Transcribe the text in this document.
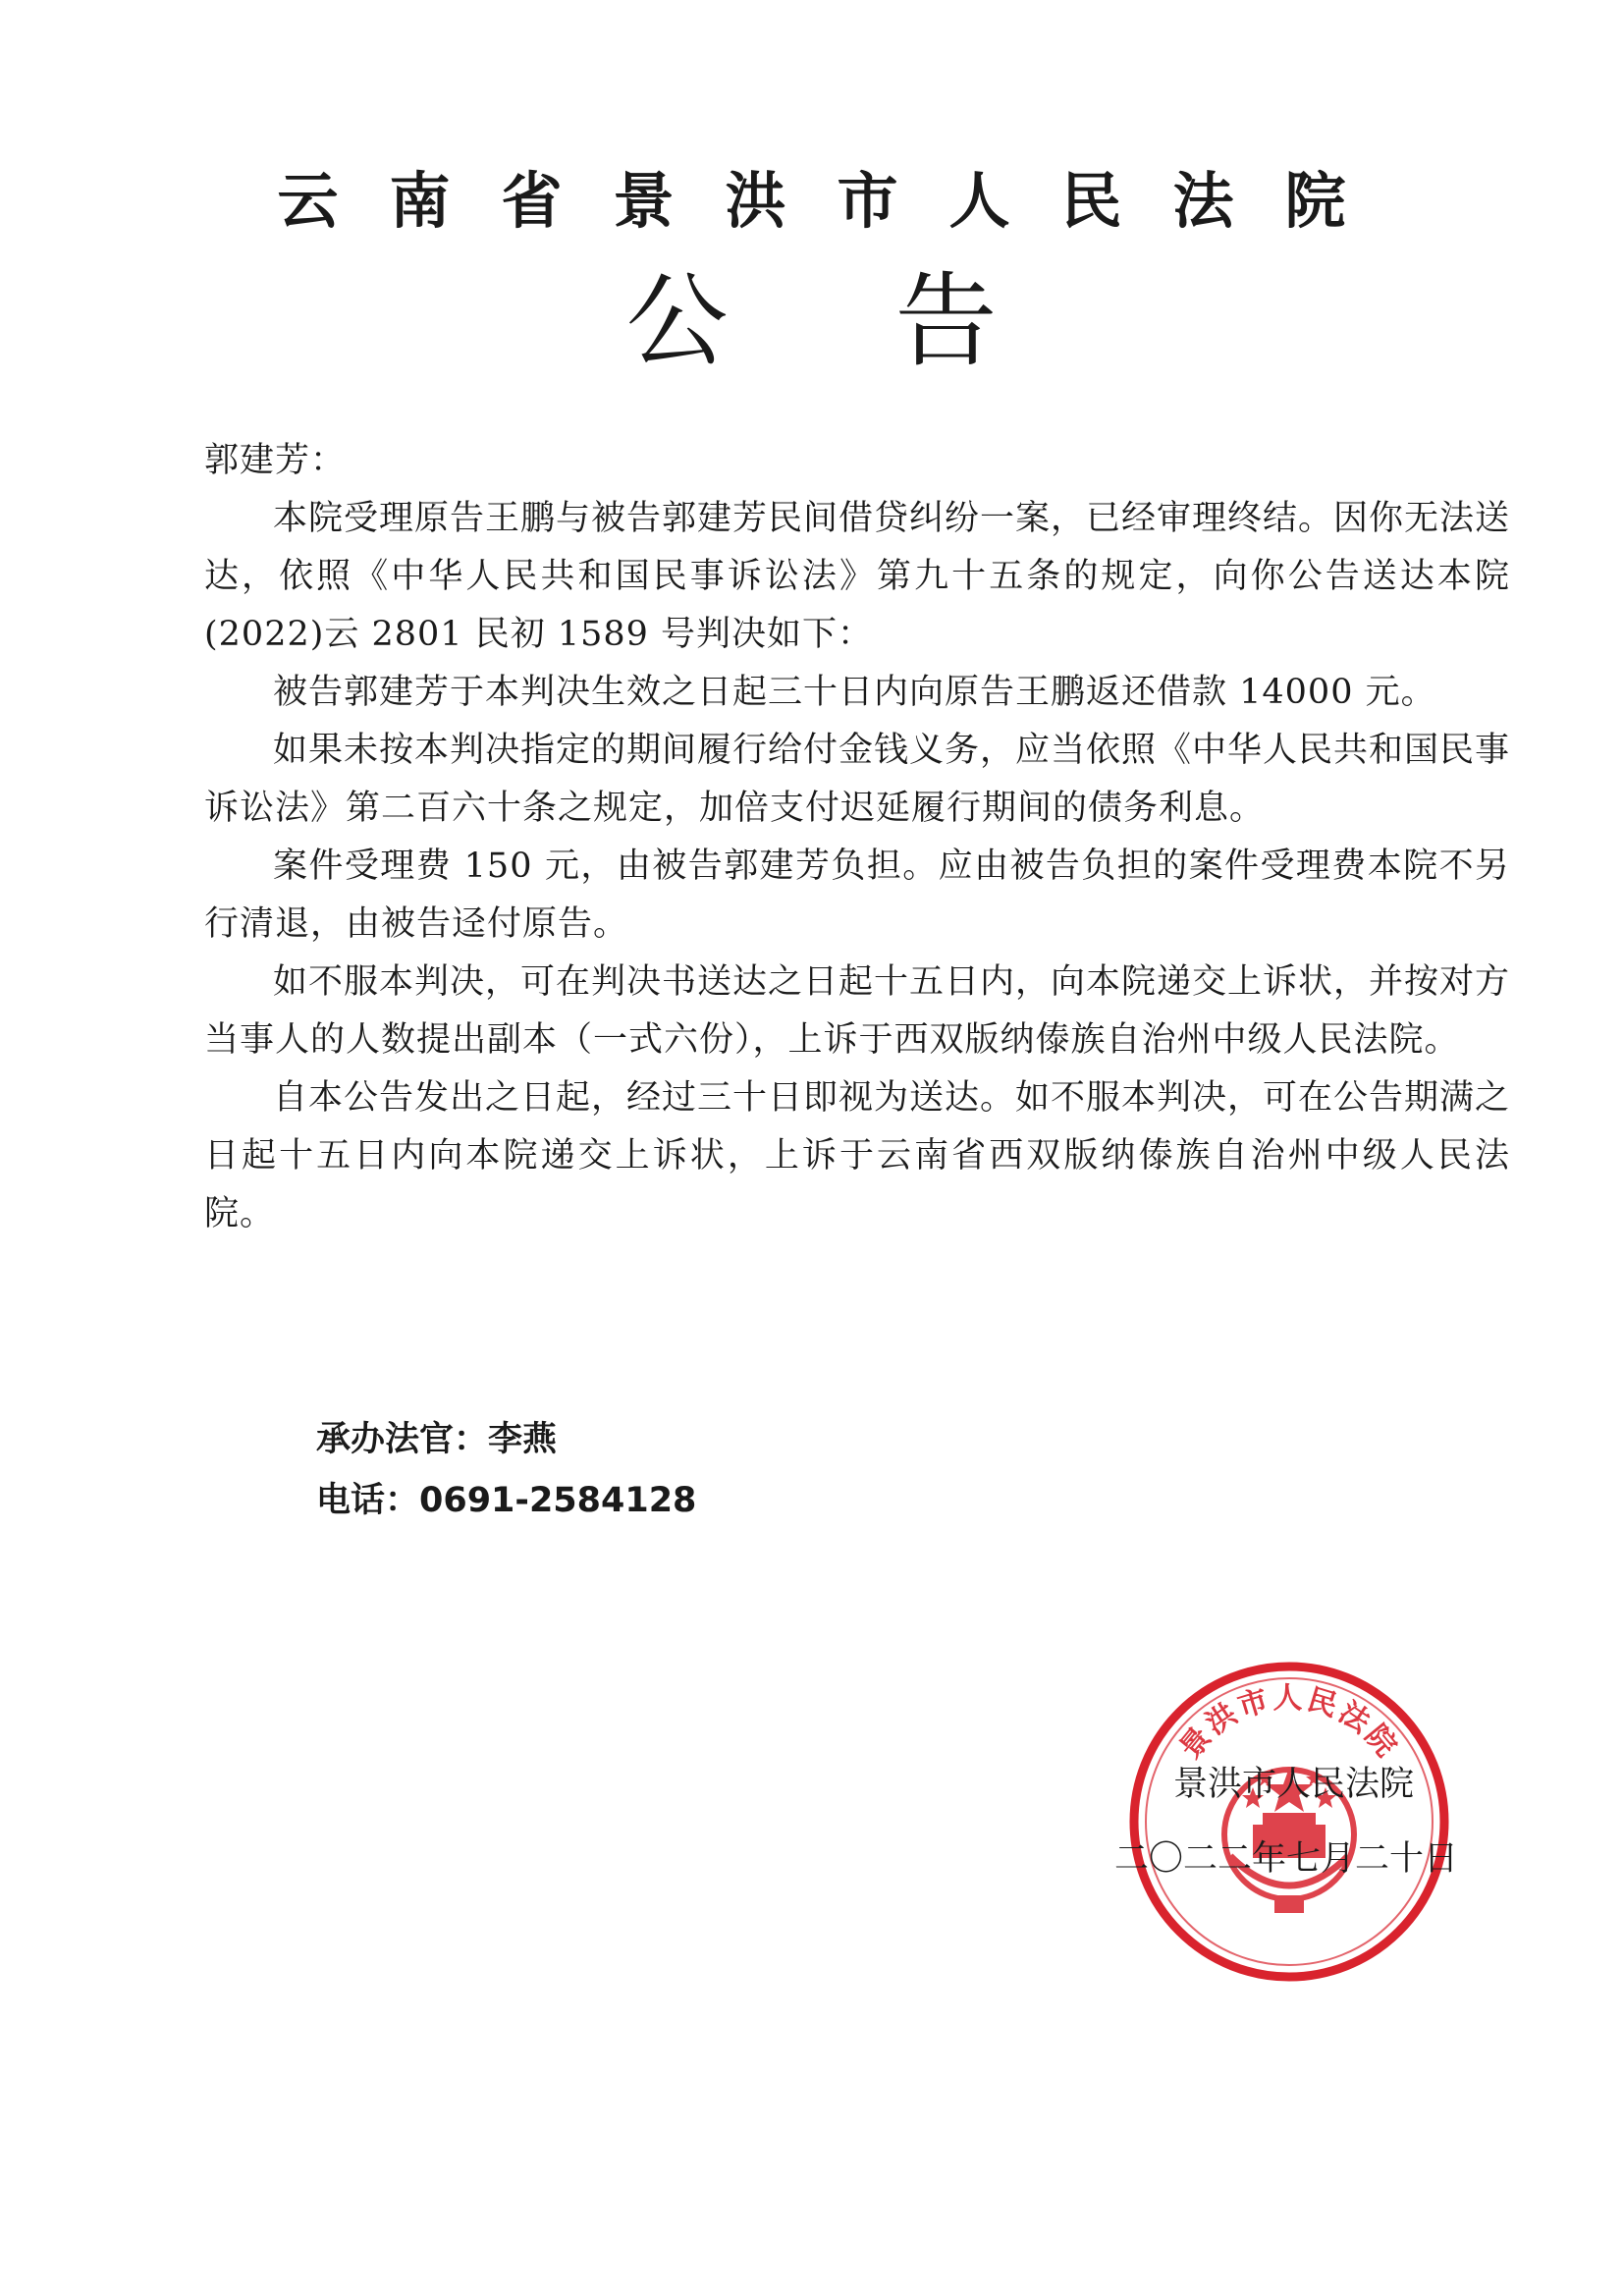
云南省景洪市人民法院
公告

郭建芳：

本院受理原告王鹏与被告郭建芳民间借贷纠纷一案，已经审理终结。因你无法送达，依照《中华人民共和国民事诉讼法》第九十五条的规定，向你公告送达本院(2022)云 2801 民初 1589 号判决如下：

被告郭建芳于本判决生效之日起三十日内向原告王鹏返还借款 14000 元。

如果未按本判决指定的期间履行给付金钱义务，应当依照《中华人民共和国民事诉讼法》第二百六十条之规定，加倍支付迟延履行期间的债务利息。

案件受理费 150 元，由被告郭建芳负担。应由被告负担的案件受理费本院不另行清退，由被告迳付原告。

如不服本判决，可在判决书送达之日起十五日内，向本院递交上诉状，并按对方当事人的人数提出副本（一式六份），上诉于西双版纳傣族自治州中级人民法院。

自本公告发出之日起，经过三十日即视为送达。如不服本判决，可在公告期满之日起十五日内向本院递交上诉状，上诉于云南省西双版纳傣族自治州中级人民法院。

承办法官：李燕
电话：0691-2584128
景洪市人民法院
景洪市人民法院
二〇二二年七月二十日
